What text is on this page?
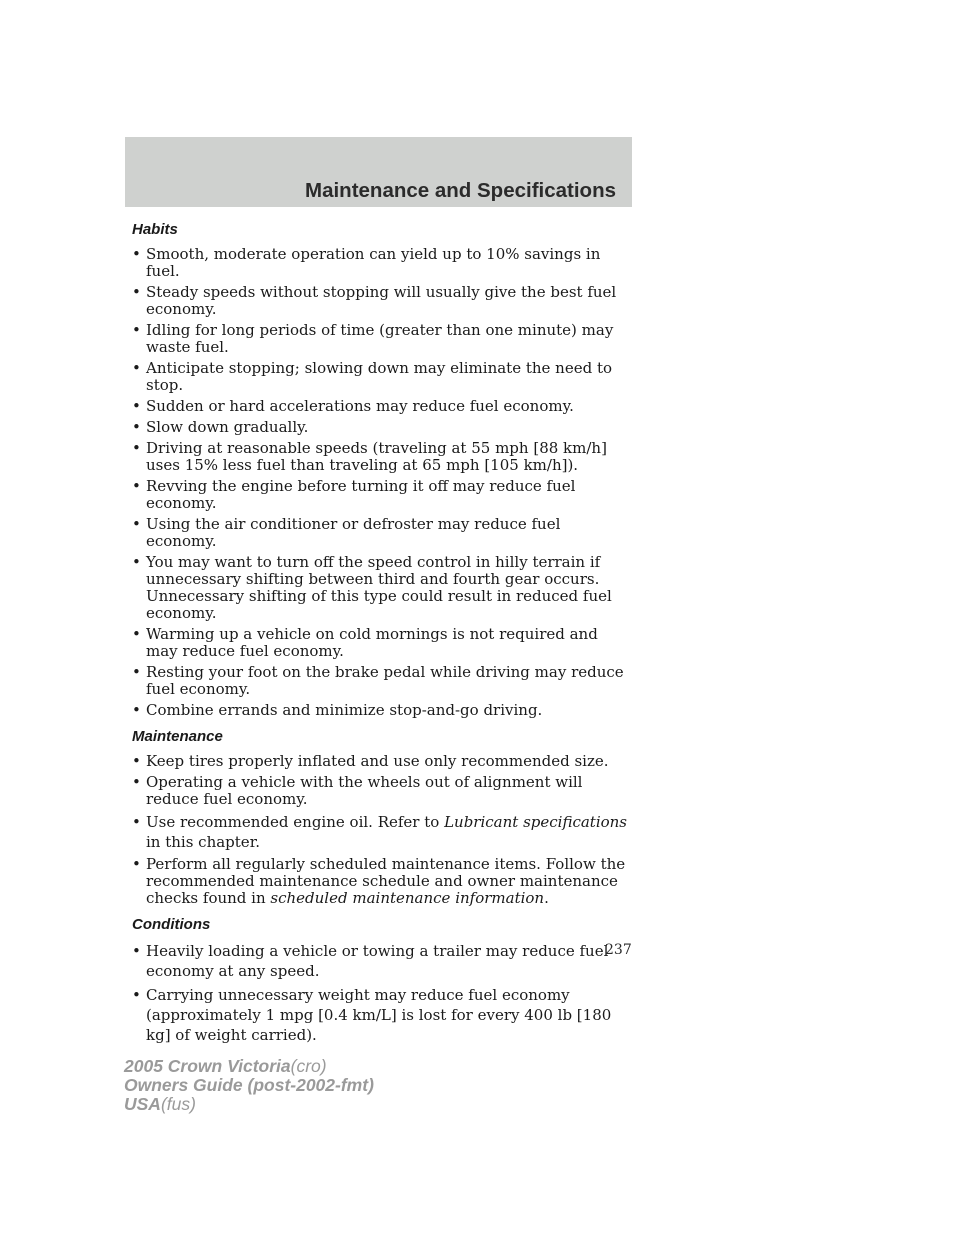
Maintenance and Specifications
Habits
• Smooth, moderate operation can yield up to 10% savings in fuel.
• Steady speeds without stopping will usually give the best fuel economy.
• Idling for long periods of time (greater than one minute) may waste fuel.
• Anticipate stopping; slowing down may eliminate the need to stop.
• Sudden or hard accelerations may reduce fuel economy.
• Slow down gradually.
• Driving at reasonable speeds (traveling at 55 mph [88 km/h] uses 15% less fuel than traveling at 65 mph [105 km/h]).
• Revving the engine before turning it off may reduce fuel economy.
• Using the air conditioner or defroster may reduce fuel economy.
• You may want to turn off the speed control in hilly terrain if unnecessary shifting between third and fourth gear occurs. Unnecessary shifting of this type could result in reduced fuel economy.
• Warming up a vehicle on cold mornings is not required and may reduce fuel economy.
• Resting your foot on the brake pedal while driving may reduce fuel economy.
• Combine errands and minimize stop-and-go driving.
Maintenance
• Keep tires properly inflated and use only recommended size.
• Operating a vehicle with the wheels out of alignment will reduce fuel economy.
• Use recommended engine oil. Refer to Lubricant specifications in this chapter.
• Perform all regularly scheduled maintenance items. Follow the recommended maintenance schedule and owner maintenance checks found in scheduled maintenance information.
Conditions
• Heavily loading a vehicle or towing a trailer may reduce fuel economy at any speed.
• Carrying unnecessary weight may reduce fuel economy (approximately 1 mpg [0.4 km/L] is lost for every 400 lb [180 kg] of weight carried).
237
2005 Crown Victoria(cro)
Owners Guide (post-2002-fmt)
USA(fus)
